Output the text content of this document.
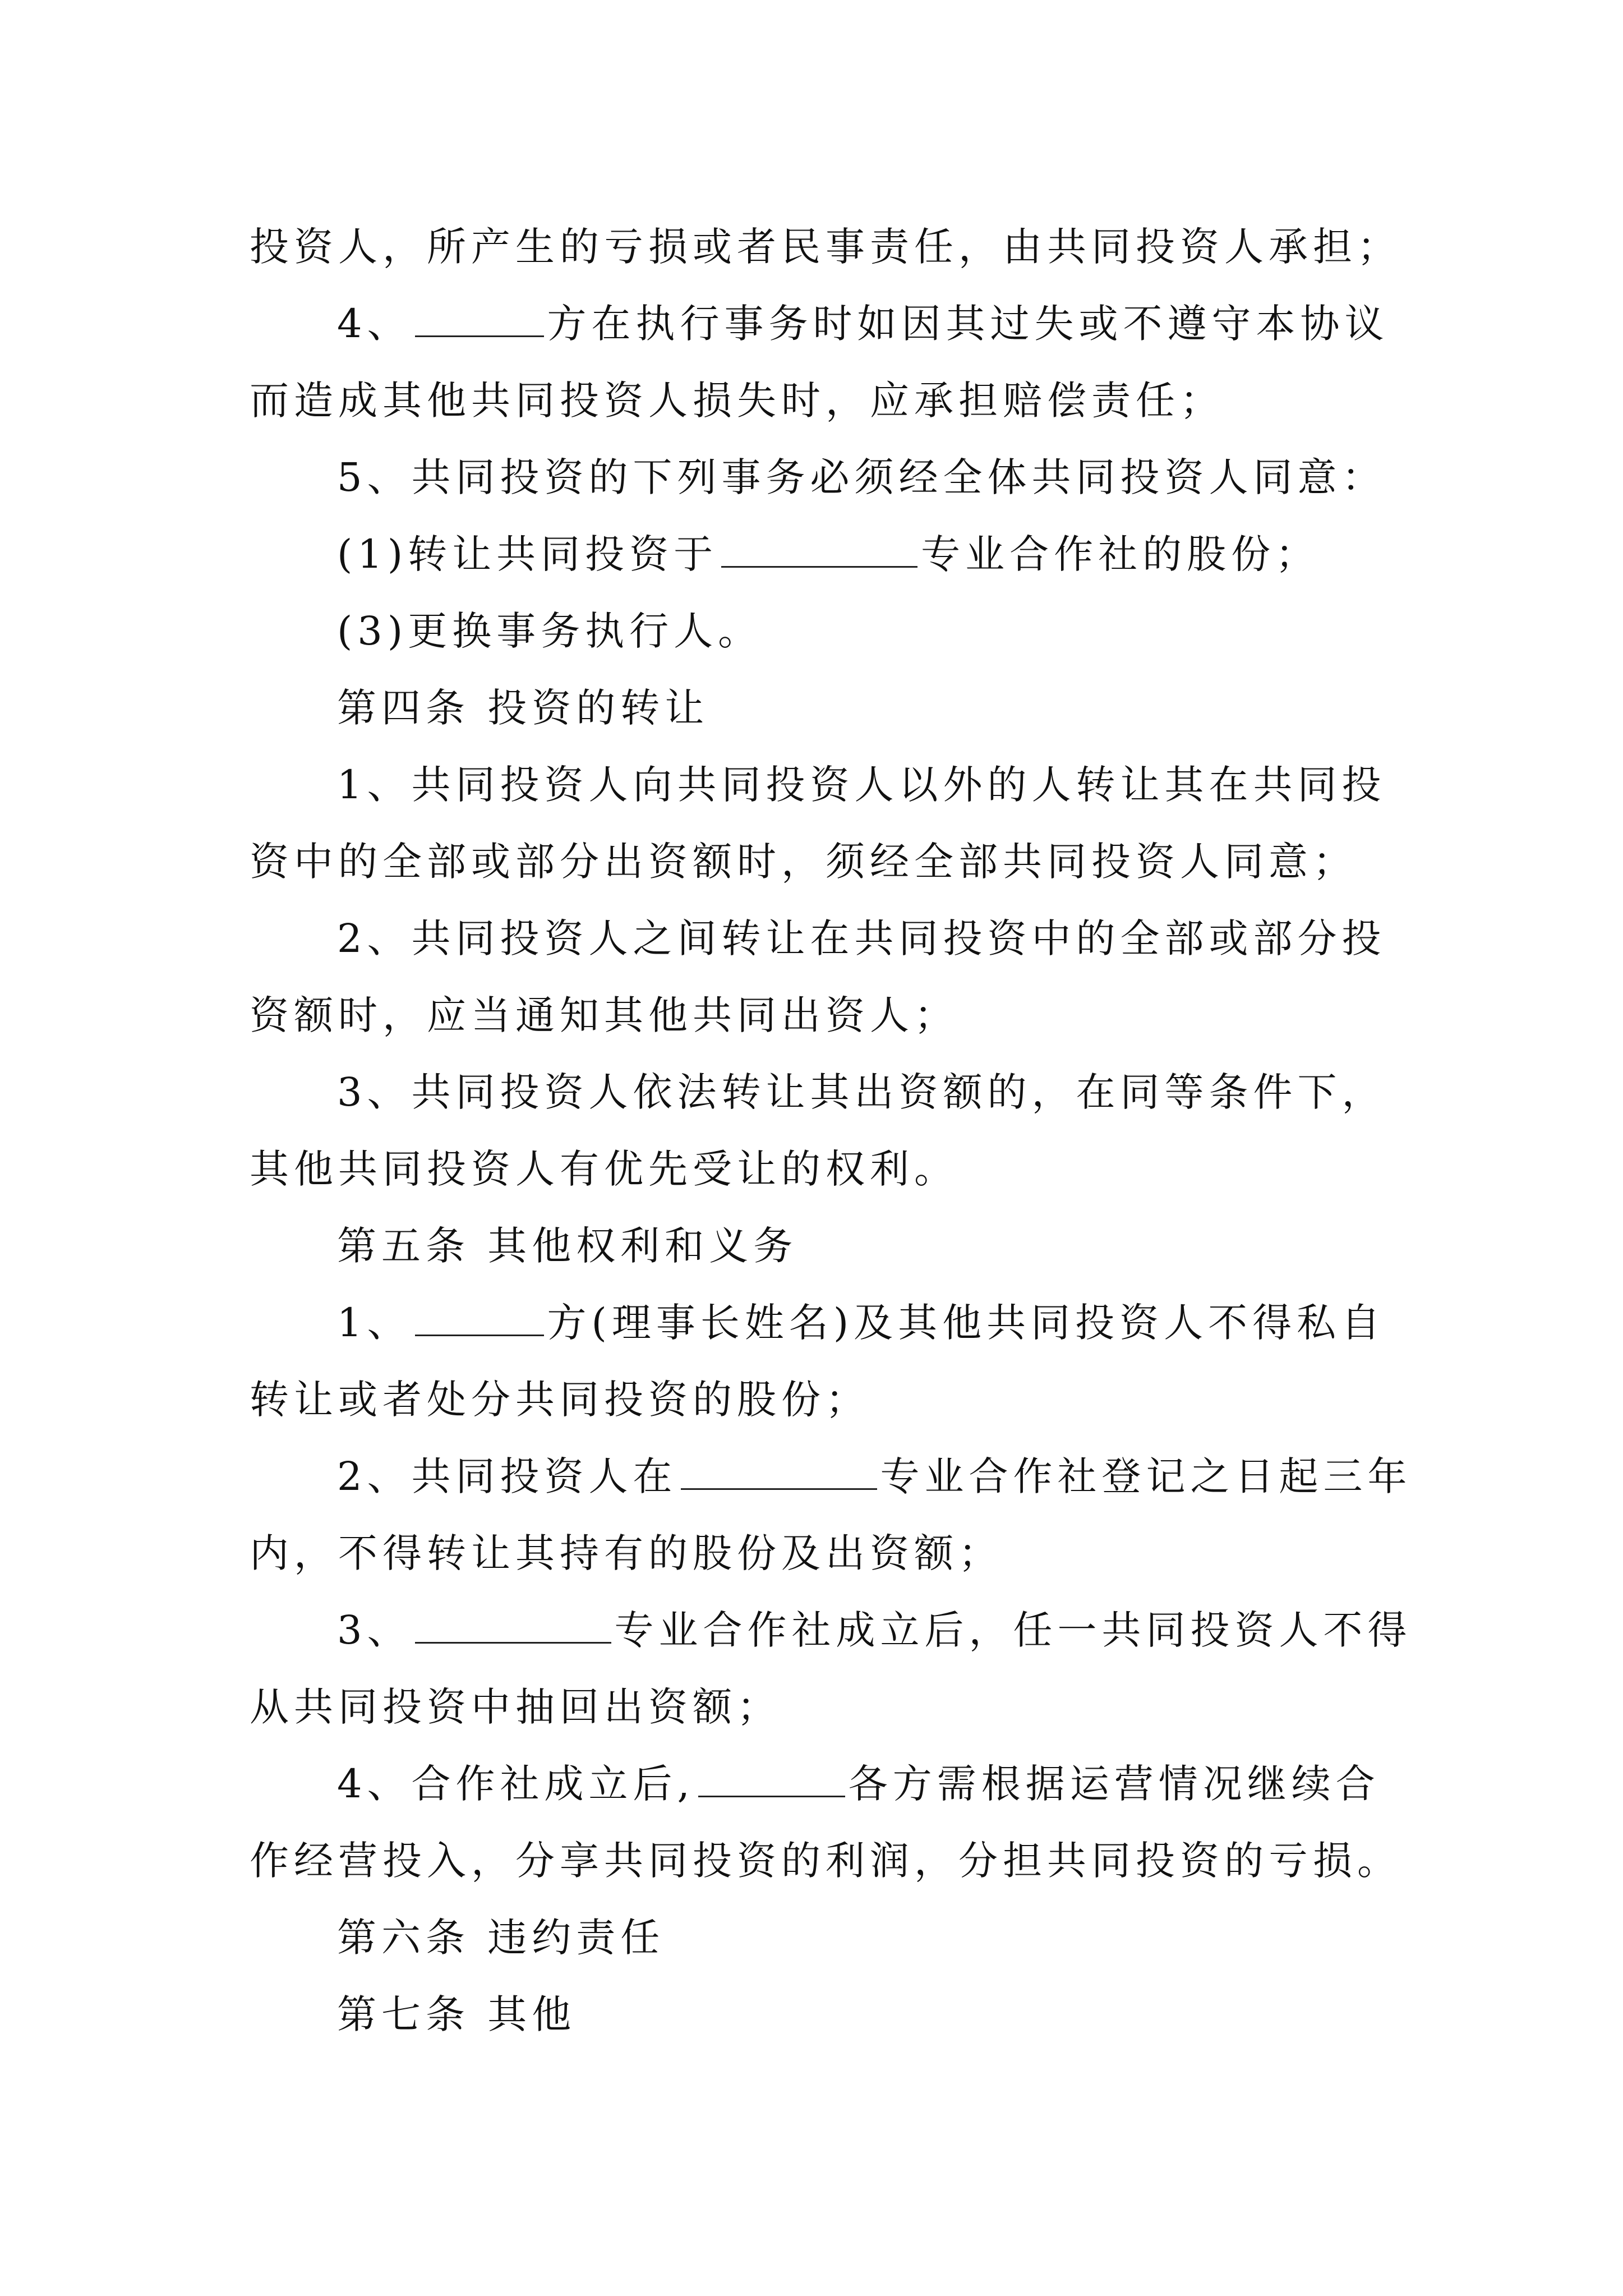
投资人，所产生的亏损或者民事责任，由共同投资人承担；
4、	方在执行事务时如因其过失或不遵守本协议
而造成其他共同投资人损失时，应承担赔偿责任；
5、共同投资的下列事务必须经全体共同投资人同意：
(1)转让共同投资于	专业合作社的股份；
(3)更换事务执行人。
第四条 投资的转让
1、共同投资人向共同投资人以外的人转让其在共同投
资中的全部或部分出资额时，须经全部共同投资人同意；
2、共同投资人之间转让在共同投资中的全部或部分投
资额时，应当通知其他共同出资人；
3、共同投资人依法转让其出资额的，在同等条件下，
其他共同投资人有优先受让的权利。
第五条 其他权利和义务
1、	方(理事长姓名)及其他共同投资人不得私自
转让或者处分共同投资的股份；
2、共同投资人在	专业合作社登记之日起三年
内，不得转让其持有的股份及出资额；
3、	专业合作社成立后，任一共同投资人不得
从共同投资中抽回出资额；
4、合作社成立后,	各方需根据运营情况继续合
作经营投入，分享共同投资的利润，分担共同投资的亏损。
第六条 违约责任
第七条 其他
